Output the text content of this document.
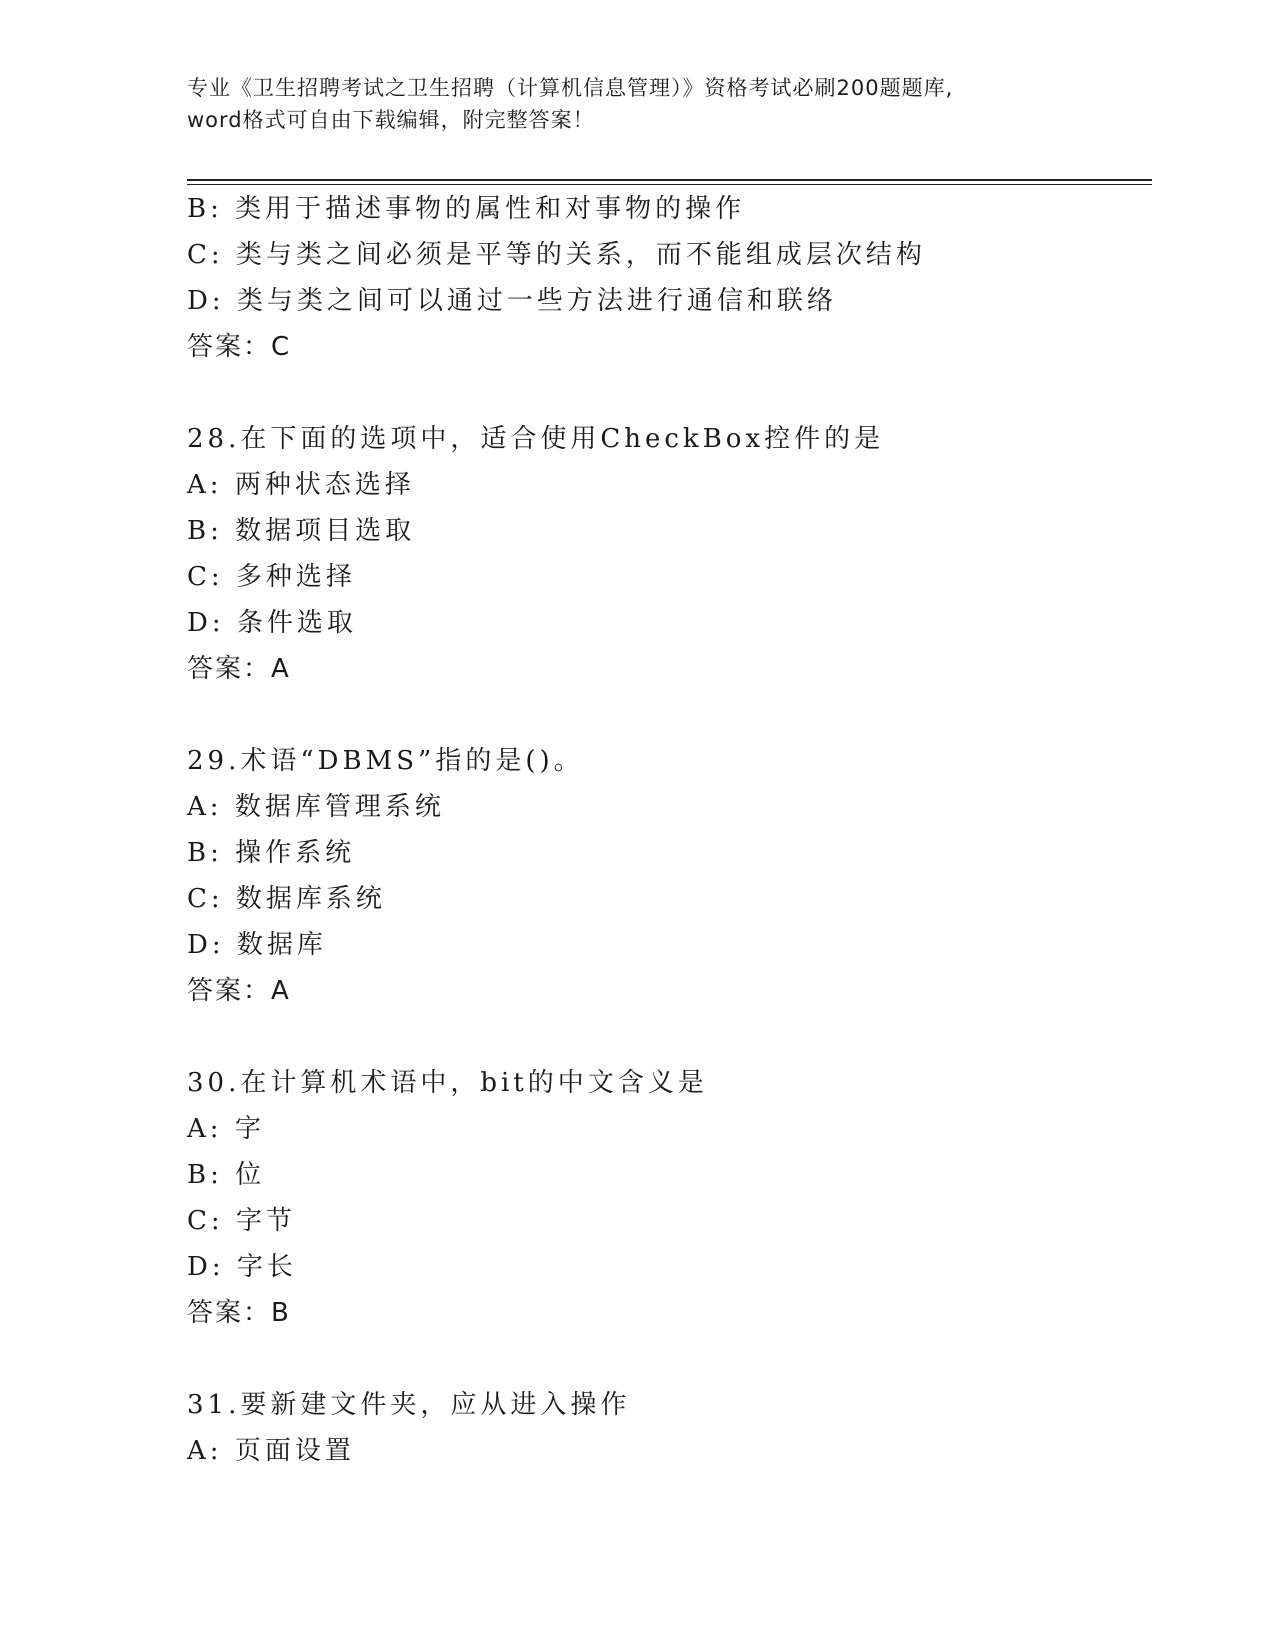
专业《卫生招聘考试之卫生招聘（计算机信息管理）》资格考试必刷200题题库,
word格式可自由下载编辑，附完整答案！
B: 类用于描述事物的属性和对事物的操作
C: 类与类之间必须是平等的关系，而不能组成层次结构
D: 类与类之间可以通过一些方法进行通信和联络
答案：C
28.在下面的选项中，适合使用CheckBox控件的是
A: 两种状态选择
B: 数据项目选取
C: 多种选择
D: 条件选取
答案：A
29.术语“DBMS”指的是()。
A: 数据库管理系统
B: 操作系统
C: 数据库系统
D: 数据库
答案：A
30.在计算机术语中，bit的中文含义是
A: 字
B: 位
C: 字节
D: 字长
答案：B
31.要新建文件夹，应从进入操作
A: 页面设置
